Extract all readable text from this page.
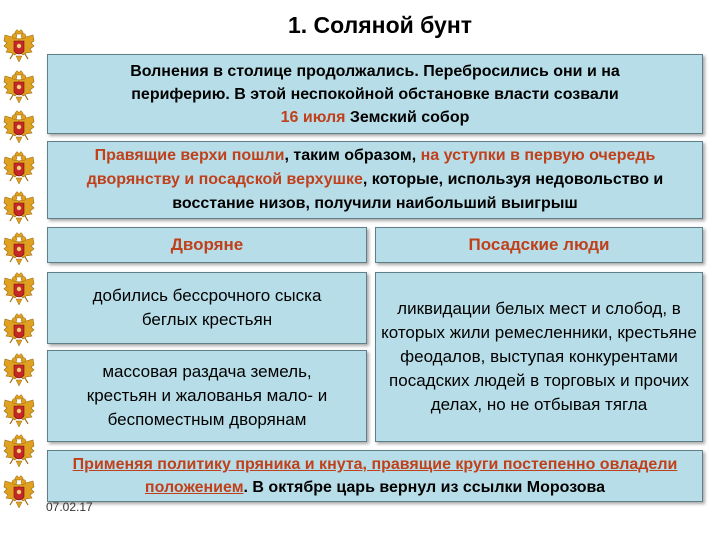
1. Соляной бунт

Волнения в столице продолжались. Перебросились они и на
периферию. В этой неспокойной обстановке власти созвали
16 июля Земский собор

Правящие верхи пошли, таким образом, на уступки в первую очередь дворянству и посадской верхушке, которые, используя недовольство и восстание низов, получили наибольший выигрыш

Дворяне	Посадские люди

добились бессрочного сыска беглых крестьян

массовая раздача земель, крестьян и жалованья мало- и беспоместным дворянам

ликвидации белых мест и слобод, в которых жили ремесленники, крестьяне феодалов, выступая конкурентами посадских людей в торговых и прочих делах, но не отбывая тягла

Применяя политику пряника и кнута, правящие круги постепенно овладели положением. В октябре царь вернул из ссылки Морозова

07.02.17
